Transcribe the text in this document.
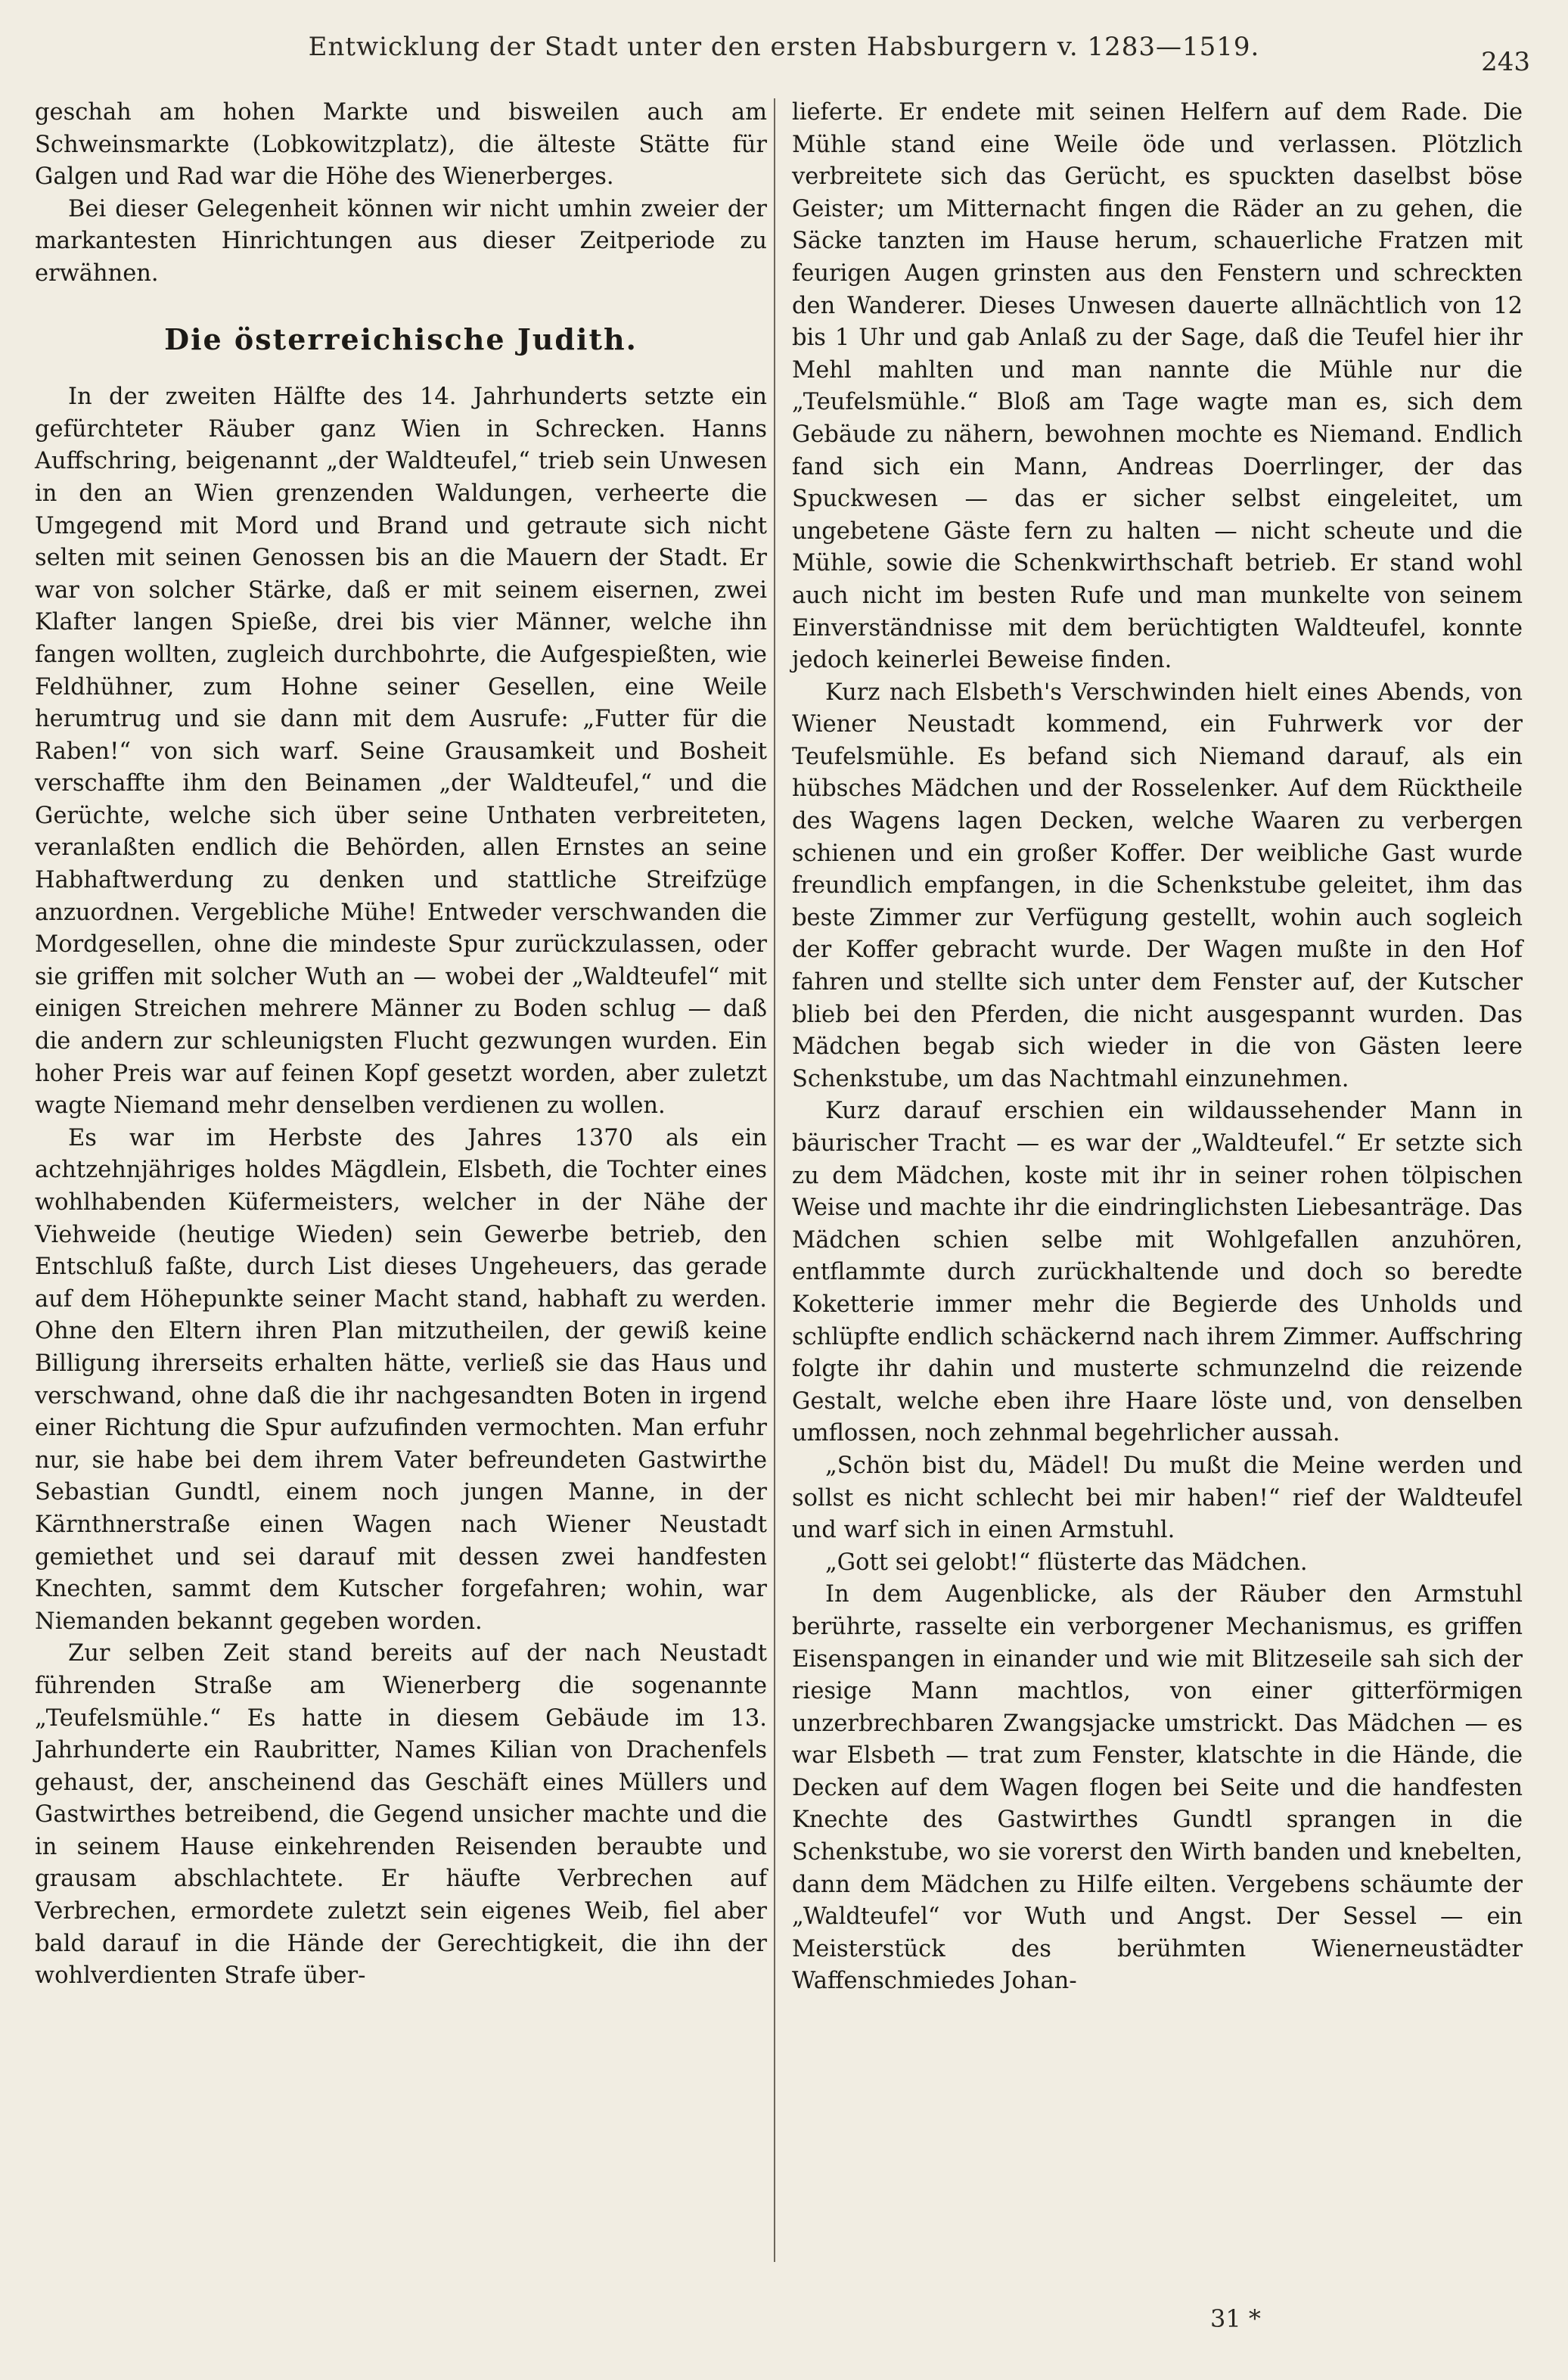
Entwicklung der Stadt unter den ersten Habsburgern v. 1283—1519.	243

geschah am hohen Markte und bisweilen auch am Schweinsmarkte (Lobkowitzplatz), die älteste Stätte für Galgen und Rad war die Höhe des Wienerberges.

Bei dieser Gelegenheit können wir nicht umhin zweier der markantesten Hinrichtungen aus dieser Zeitperiode zu erwähnen.

Die österreichische Judith.

In der zweiten Hälfte des 14. Jahrhunderts setzte ein gefürchteter Räuber ganz Wien in Schrecken. Hanns Auffschring, beigenannt „der Waldteufel,“ trieb sein Unwesen in den an Wien grenzenden Waldungen, verheerte die Umgegend mit Mord und Brand und getraute sich nicht selten mit seinen Genossen bis an die Mauern der Stadt. Er war von solcher Stärke, daß er mit seinem eisernen, zwei Klafter langen Spieße, drei bis vier Männer, welche ihn fangen wollten, zugleich durchbohrte, die Aufgespießten, wie Feldhühner, zum Hohne seiner Gesellen, eine Weile herumtrug und sie dann mit dem Ausrufe: „Futter für die Raben!“ von sich warf. Seine Grausamkeit und Bosheit verschaffte ihm den Beinamen „der Waldteufel,“ und die Gerüchte, welche sich über seine Unthaten verbreiteten, veranlaßten endlich die Behörden, allen Ernstes an seine Habhaftwerdung zu denken und stattliche Streifzüge anzuordnen. Vergebliche Mühe! Entweder verschwanden die Mordgesellen, ohne die mindeste Spur zurückzulassen, oder sie griffen mit solcher Wuth an — wobei der „Waldteufel“ mit einigen Streichen mehrere Männer zu Boden schlug — daß die andern zur schleunigsten Flucht gezwungen wurden. Ein hoher Preis war auf feinen Kopf gesetzt worden, aber zuletzt wagte Niemand mehr denselben verdienen zu wollen.

Es war im Herbste des Jahres 1370 als ein achtzehnjähriges holdes Mägdlein, Elsbeth, die Tochter eines wohlhabenden Küfermeisters, welcher in der Nähe der Viehweide (heutige Wieden) sein Gewerbe betrieb, den Entschluß faßte, durch List dieses Ungeheuers, das gerade auf dem Höhepunkte seiner Macht stand, habhaft zu werden. Ohne den Eltern ihren Plan mitzutheilen, der gewiß keine Billigung ihrerseits erhalten hätte, verließ sie das Haus und verschwand, ohne daß die ihr nachgesandten Boten in irgend einer Richtung die Spur aufzufinden vermochten. Man erfuhr nur, sie habe bei dem ihrem Vater befreundeten Gastwirthe Sebastian Gundtl, einem noch jungen Manne, in der Kärnthnerstraße einen Wagen nach Wiener Neustadt gemiethet und sei darauf mit dessen zwei handfesten Knechten, sammt dem Kutscher forgefahren; wohin, war Niemanden bekannt gegeben worden.

Zur selben Zeit stand bereits auf der nach Neustadt führenden Straße am Wienerberg die sogenannte „Teufelsmühle.“ Es hatte in diesem Gebäude im 13. Jahrhunderte ein Raubritter, Names Kilian von Drachenfels gehaust, der, anscheinend das Geschäft eines Müllers und Gastwirthes betreibend, die Gegend unsicher machte und die in seinem Hause einkehrenden Reisenden beraubte und grausam abschlachtete. Er häufte Verbrechen auf Verbrechen, ermordete zuletzt sein eigenes Weib, fiel aber bald darauf in die Hände der Gerechtigkeit, die ihn der wohlverdienten Strafe über-

lieferte. Er endete mit seinen Helfern auf dem Rade. Die Mühle stand eine Weile öde und verlassen. Plötzlich verbreitete sich das Gerücht, es spuckten daselbst böse Geister; um Mitternacht fingen die Räder an zu gehen, die Säcke tanzten im Hause herum, schauerliche Fratzen mit feurigen Augen grinsten aus den Fenstern und schreckten den Wanderer. Dieses Unwesen dauerte allnächtlich von 12 bis 1 Uhr und gab Anlaß zu der Sage, daß die Teufel hier ihr Mehl mahlten und man nannte die Mühle nur die „Teufelsmühle.“ Bloß am Tage wagte man es, sich dem Gebäude zu nähern, bewohnen mochte es Niemand. Endlich fand sich ein Mann, Andreas Doerrlinger, der das Spuckwesen — das er sicher selbst eingeleitet, um ungebetene Gäste fern zu halten — nicht scheute und die Mühle, sowie die Schenkwirthschaft betrieb. Er stand wohl auch nicht im besten Rufe und man munkelte von seinem Einverständnisse mit dem berüchtigten Waldteufel, konnte jedoch keinerlei Beweise finden.

Kurz nach Elsbeth's Verschwinden hielt eines Abends, von Wiener Neustadt kommend, ein Fuhrwerk vor der Teufelsmühle. Es befand sich Niemand darauf, als ein hübsches Mädchen und der Rosselenker. Auf dem Rücktheile des Wagens lagen Decken, welche Waaren zu verbergen schienen und ein großer Koffer. Der weibliche Gast wurde freundlich empfangen, in die Schenkstube geleitet, ihm das beste Zimmer zur Verfügung gestellt, wohin auch sogleich der Koffer gebracht wurde. Der Wagen mußte in den Hof fahren und stellte sich unter dem Fenster auf, der Kutscher blieb bei den Pferden, die nicht ausgespannt wurden. Das Mädchen begab sich wieder in die von Gästen leere Schenkstube, um das Nachtmahl einzunehmen.

Kurz darauf erschien ein wildaussehender Mann in bäurischer Tracht — es war der „Waldteufel.“ Er setzte sich zu dem Mädchen, koste mit ihr in seiner rohen tölpischen Weise und machte ihr die eindringlichsten Liebesanträge. Das Mädchen schien selbe mit Wohlgefallen anzuhören, entflammte durch zurückhaltende und doch so beredte Koketterie immer mehr die Begierde des Unholds und schlüpfte endlich schäckernd nach ihrem Zimmer. Auffschring folgte ihr dahin und musterte schmunzelnd die reizende Gestalt, welche eben ihre Haare löste und, von denselben umflossen, noch zehnmal begehrlicher aussah.

„Schön bist du, Mädel! Du mußt die Meine werden und sollst es nicht schlecht bei mir haben!“ rief der Waldteufel und warf sich in einen Armstuhl.

„Gott sei gelobt!“ flüsterte das Mädchen.

In dem Augenblicke, als der Räuber den Armstuhl berührte, rasselte ein verborgener Mechanismus, es griffen Eisenspangen in einander und wie mit Blitzeseile sah sich der riesige Mann machtlos, von einer gitterförmigen unzerbrechbaren Zwangsjacke umstrickt. Das Mädchen — es war Elsbeth — trat zum Fenster, klatschte in die Hände, die Decken auf dem Wagen flogen bei Seite und die handfesten Knechte des Gastwirthes Gundtl sprangen in die Schenkstube, wo sie vorerst den Wirth banden und knebelten, dann dem Mädchen zu Hilfe eilten. Vergebens schäumte der „Waldteufel“ vor Wuth und Angst. Der Sessel — ein Meisterstück des berühmten Wienerneustädter Waffenschmiedes Johan-

31 *
